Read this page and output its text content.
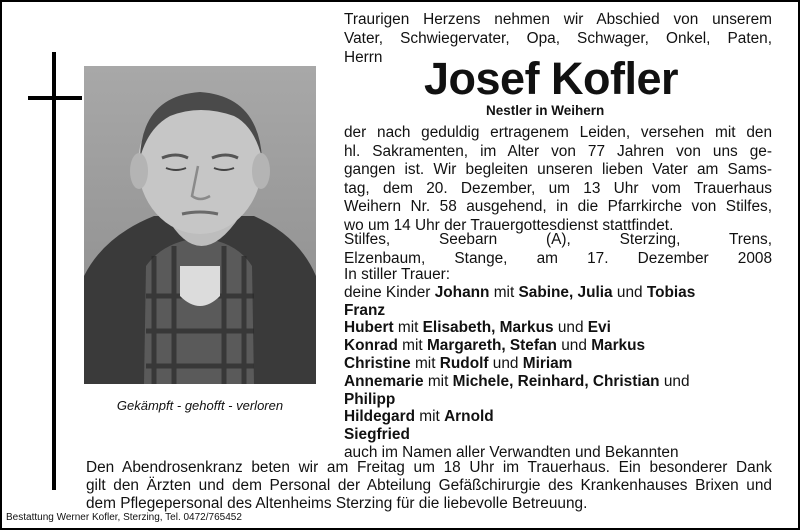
Gekämpft - gehofft - verloren
Traurigen Herzens nehmen wir Abschied von unserem
Vater, Schwiegervater, Opa, Schwager, Onkel, Paten,
Herrn Josef Kofler
Nestler in Weihern
der nach geduldig ertragenem Leiden, versehen mit den
hl. Sakramenten, im Alter von 77 Jahren von uns ge-
gangen ist. Wir begleiten unseren lieben Vater am Sams-
tag, dem 20. Dezember, um 13 Uhr vom Trauerhaus
Weihern Nr. 58 ausgehend, in die Pfarrkirche von Stilfes,
wo um 14 Uhr der Trauergottesdienst stattfindet.
Stilfes, Seebarn (A), Sterzing, Trens,
Elzenbaum, Stange, am 17. Dezember 2008
In stiller Trauer:
deine Kinder Johann mit Sabine, Julia und Tobias
Franz
Hubert mit Elisabeth, Markus und Evi
Konrad mit Margareth, Stefan und Markus
Christine mit Rudolf und Miriam
Annemarie mit Michele, Reinhard, Christian und
Philipp
Hildegard mit Arnold
Siegfried
auch im Namen aller Verwandten und Bekannten
Den Abendrosenkranz beten wir am Freitag um 18 Uhr im Trauerhaus. Ein besonderer Dank
gilt den Ärzten und dem Personal der Abteilung Gefäßchirurgie des Krankenhauses Brixen und
dem Pflegepersonal des Altenheims Sterzing für die liebevolle Betreuung.
Bestattung Werner Kofler, Sterzing, Tel. 0472/765452
